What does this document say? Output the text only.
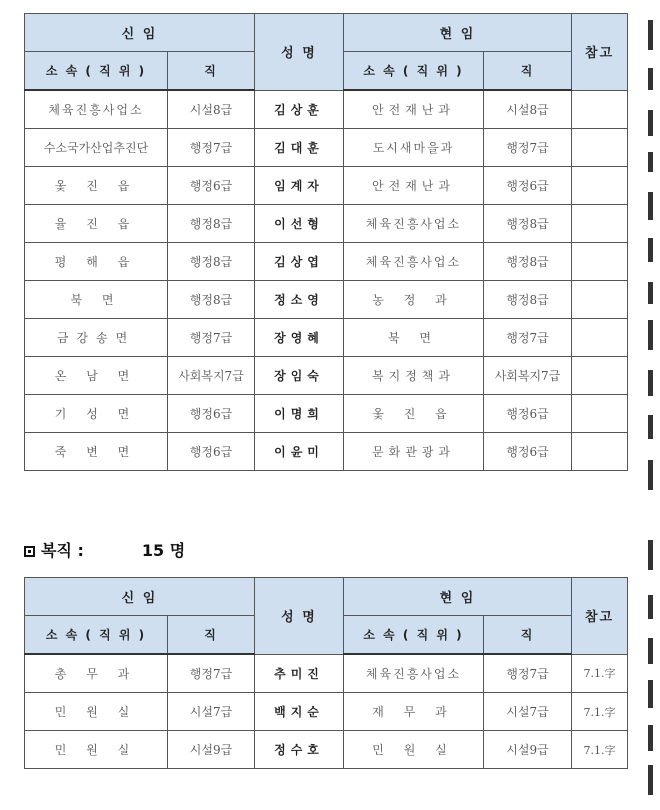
신 임		성 명	현 임		참고
소 속 ( 직 위 )	직		소 속 ( 직 위 )	직	
체육진흥사업소	시설8급	김상훈	안전재난과	시설8급	
수소국가산업추진단	행정7급	김대훈	도시새마을과	행정7급	
옻 진 읍	행정6급	임계자	안전재난과	행정6급	
율 진 읍	행정8급	이선형	체육진흥사업소	행정8급	
평 해 읍	행정8급	김상엽	체육진흥사업소	행정8급	
북 면	행정8급	정소영	농 정 과	행정8급	
금강송면	행정7급	장영혜	북 면	행정7급	
온 남 면	사회복지7급	장임숙	복지정책과	사회복지7급	
기 성 면	행정6급	이명희	옻 진 읍	행정6급	
죽 변 면	행정6급	이윤미	문화관광과	행정6급	
복직 :	15 명
신 임		성 명	현 임		참고
소 속 ( 직 위 )	직		소 속 ( 직 위 )	직	
총 무 과	행정7급	추미진	체육진흥사업소	행정7급	7.1.字
민 원 실	시설7급	백지순	재 무 과	시설7급	7.1.字
민 원 실	시설9급	정수호	민 원 실	시설9급	7.1.字
